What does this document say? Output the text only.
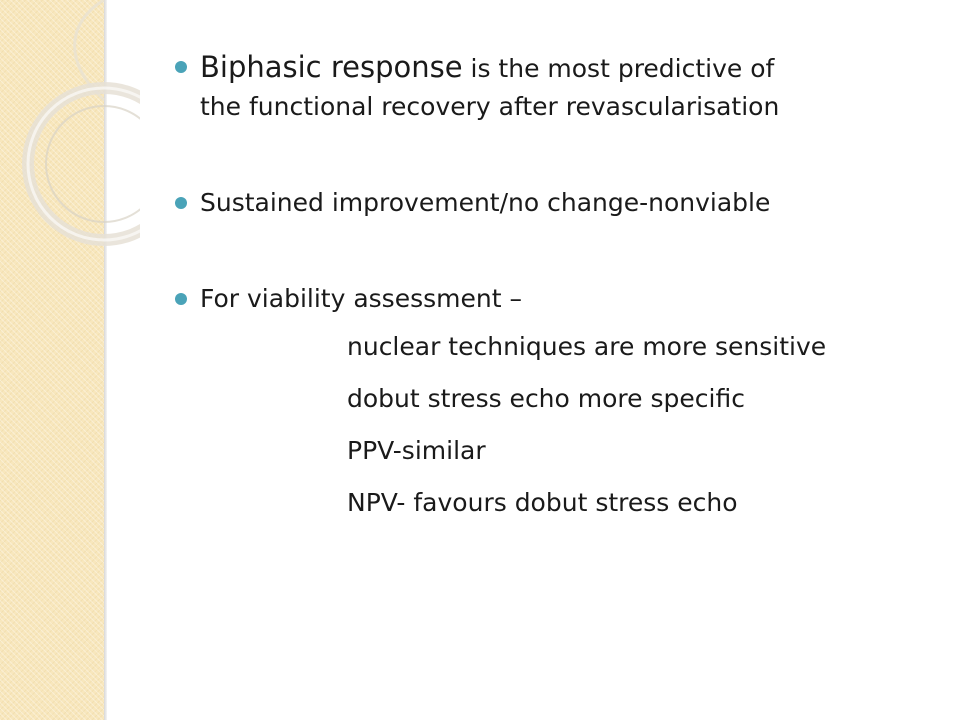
Biphasic response is the most predictive of
the functional recovery after revascularisation
Sustained improvement/no change-nonviable
For viability assessment –
nuclear techniques are more sensitive
dobut stress echo more specific
PPV-similar
NPV- favours dobut stress echo
